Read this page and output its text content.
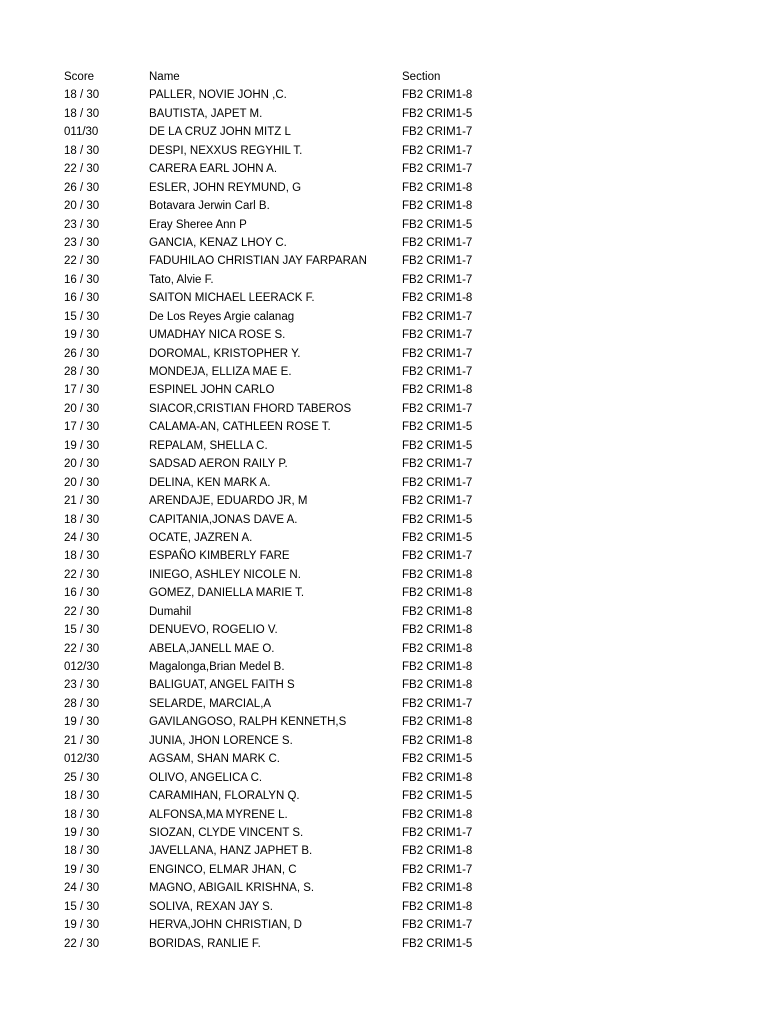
Score	Name	Section
18 / 30	PALLER, NOVIE JOHN ,C.	FB2 CRIM1-8
18 / 30	BAUTISTA, JAPET M.	FB2 CRIM1-5
011/30	DE LA CRUZ JOHN MITZ L	FB2 CRIM1-7
18 / 30	DESPI, NEXXUS REGYHIL T.	FB2 CRIM1-7
22 / 30	CARERA EARL JOHN A.	FB2 CRIM1-7
26 / 30	ESLER, JOHN REYMUND, G	FB2 CRIM1-8
20 / 30	Botavara Jerwin Carl B.	FB2 CRIM1-8
23 / 30	Eray Sheree Ann P	FB2 CRIM1-5
23 / 30	GANCIA, KENAZ LHOY C.	FB2 CRIM1-7
22 / 30	FADUHILAO CHRISTIAN JAY FARPARAN	FB2 CRIM1-7
16 / 30	Tato, Alvie F.	FB2 CRIM1-7
16 / 30	SAITON MICHAEL LEERACK F.	FB2 CRIM1-8
15 / 30	De Los Reyes Argie calanag	FB2 CRIM1-7
19 / 30	UMADHAY NICA ROSE S.	FB2 CRIM1-7
26 / 30	DOROMAL, KRISTOPHER Y.	FB2 CRIM1-7
28 / 30	MONDEJA, ELLIZA MAE E.	FB2 CRIM1-7
17 / 30	ESPINEL JOHN CARLO	FB2 CRIM1-8
20 / 30	SIACOR,CRISTIAN FHORD TABEROS	FB2 CRIM1-7
17 / 30	CALAMA-AN, CATHLEEN ROSE T.	FB2 CRIM1-5
19 / 30	REPALAM, SHELLA C.	FB2 CRIM1-5
20 / 30	SADSAD AERON RAILY P.	FB2 CRIM1-7
20 / 30	DELINA, KEN MARK A.	FB2 CRIM1-7
21 / 30	ARENDAJE, EDUARDO JR, M	FB2 CRIM1-7
18 / 30	CAPITANIA,JONAS DAVE A.	FB2 CRIM1-5
24 / 30	OCATE, JAZREN A.	FB2 CRIM1-5
18 / 30	ESPAÑO KIMBERLY FARE	FB2 CRIM1-7
22 / 30	INIEGO, ASHLEY NICOLE N.	FB2 CRIM1-8
16 / 30	GOMEZ, DANIELLA MARIE T.	FB2 CRIM1-8
22 / 30	Dumahil	FB2 CRIM1-8
15 / 30	DENUEVO, ROGELIO V.	FB2 CRIM1-8
22 / 30	ABELA,JANELL MAE O.	FB2 CRIM1-8
012/30	Magalonga,Brian Medel B.	FB2 CRIM1-8
23 / 30	BALIGUAT, ANGEL FAITH S	FB2 CRIM1-8
28 / 30	SELARDE, MARCIAL,A	FB2 CRIM1-7
19 / 30	GAVILANGOSO, RALPH KENNETH,S	FB2 CRIM1-8
21 / 30	JUNIA, JHON LORENCE S.	FB2 CRIM1-8
012/30	AGSAM, SHAN MARK C.	FB2 CRIM1-5
25 / 30	OLIVO, ANGELICA C.	FB2 CRIM1-8
18 / 30	CARAMIHAN, FLORALYN Q.	FB2 CRIM1-5
18 / 30	ALFONSA,MA MYRENE L.	FB2 CRIM1-8
19 / 30	SIOZAN, CLYDE VINCENT S.	FB2 CRIM1-7
18 / 30	JAVELLANA, HANZ JAPHET B.	FB2 CRIM1-8
19 / 30	ENGINCO, ELMAR JHAN, C	FB2 CRIM1-7
24 / 30	MAGNO, ABIGAIL KRISHNA, S.	FB2 CRIM1-8
15 / 30	SOLIVA, REXAN JAY S.	FB2 CRIM1-8
19 / 30	HERVA,JOHN CHRISTIAN, D	FB2 CRIM1-7
22 / 30	BORIDAS, RANLIE F.	FB2 CRIM1-5
